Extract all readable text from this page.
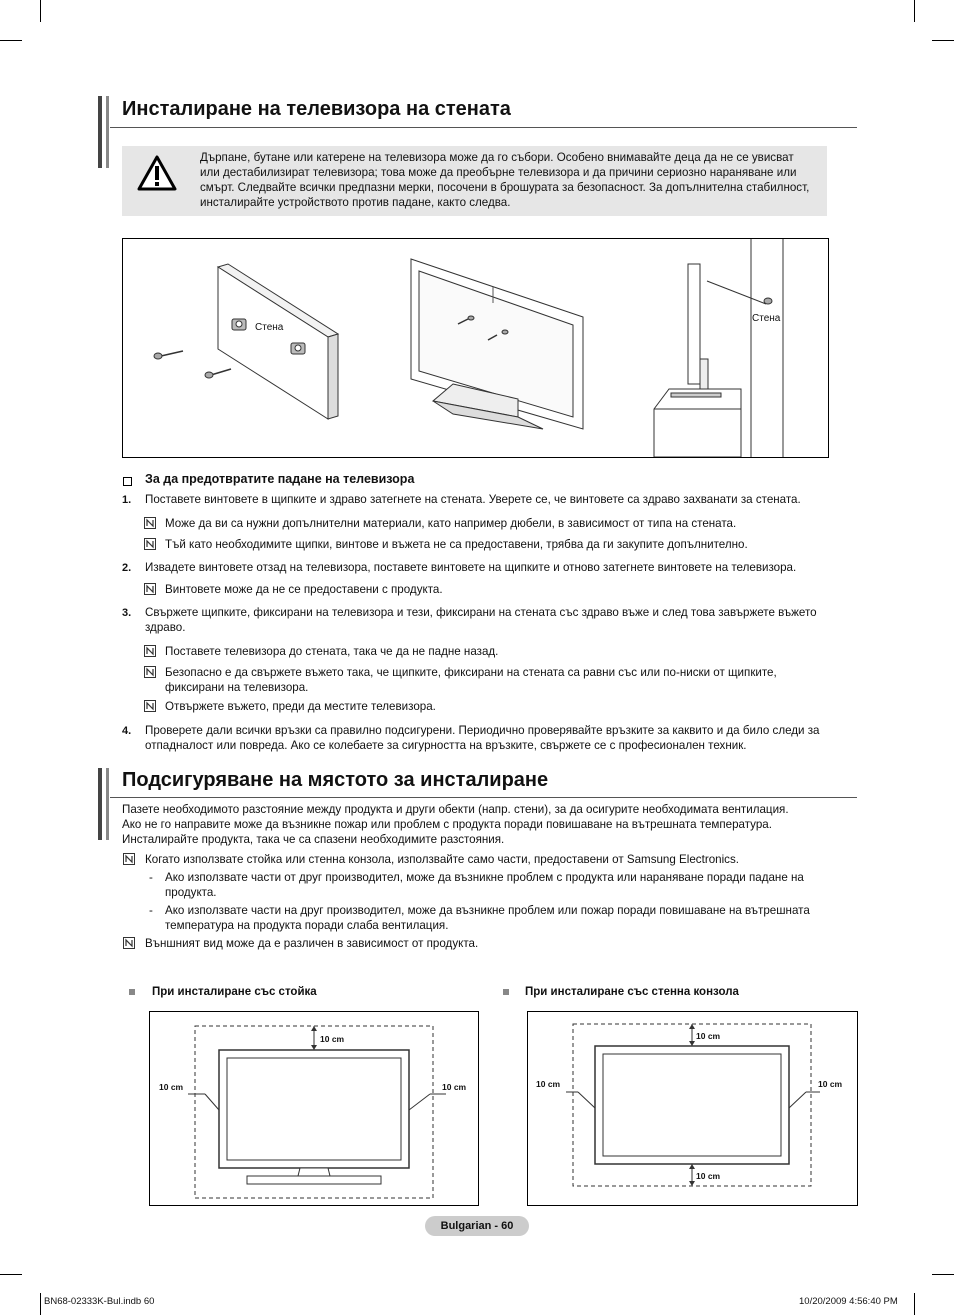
Инсталиране на телевизора на стената
Дърпане, бутане или катерене на телевизора може да го събори. Особено внимавайте деца да не се увисват или дестабилизират телевизора; това може да преобърне телевизора и да причини сериозно нараняване или смърт. Следвайте всички предпазни мерки, посочени в брошурата за безопасност. За допълнителна стабилност, инсталирайте устройството против падане, както следва.
Стена
Стена
За да предотвратите падане на телевизора
1. Поставете винтовете в щипките и здраво затегнете на стената. Уверете се, че винтовете са здраво захванати за стената.
Може да ви са нужни допълнителни материали, като например дюбели, в зависимост от типа на стената.
Тъй като необходимите щипки, винтове и въжета не са предоставени, трябва да ги закупите допълнително.
2. Извадете винтовете отзад на телевизора, поставете винтовете на щипките и отново затегнете винтовете на телевизора.
Винтовете може да не се предоставени с продукта.
3. Свържете щипките, фиксирани на телевизора и тези, фиксирани на стената със здраво въже и след това завържете въжето
здраво.
Поставете телевизора до стената, така че да не падне назад.
Безопасно е да свържете въжето така, че щипките, фиксирани на стената са равни със или по-ниски от щипките,
фиксирани на телевизора.
Отвържете въжето, преди да местите телевизора.
4. Проверете дали всички връзки са правилно подсигурени. Периодично проверявайте връзките за каквито и да било следи за
отпадналост или повреда. Ако се колебаете за сигурността на връзките, свържете се с професионален техник.
Подсигуряване на мястото за инсталиране
Пазете необходимото разстояние между продукта и други обекти (напр. стени), за да осигурите необходимата вентилация.
Ако не го направите може да възникне пожар или проблем с продукта поради повишаване на вътрешната температура.
Инсталирайте продукта, така че са спазени необходимите разстояния.
Когато използвате стойка или стенна конзола, използвайте само части, предоставени от Samsung Electronics.
- Ако използвате части от друг производител, може да възникне проблем с продукта или нараняване поради падане на
продукта.
- Ако използвате части на друг производител, може да възникне проблем или пожар поради повишаване на вътрешната
температура на продукта поради слаба вентилация.
Външният вид може да е различен в зависимост от продукта.
При инсталиране със стойка
10 cm
10 cm	10 cm
При инсталиране със стенна конзола
10 cm
10 cm
10 cm	10 cm
Bulgarian - 60
BN68-02333K-Bul.indb 60	10/20/2009 4:56:40 PM
